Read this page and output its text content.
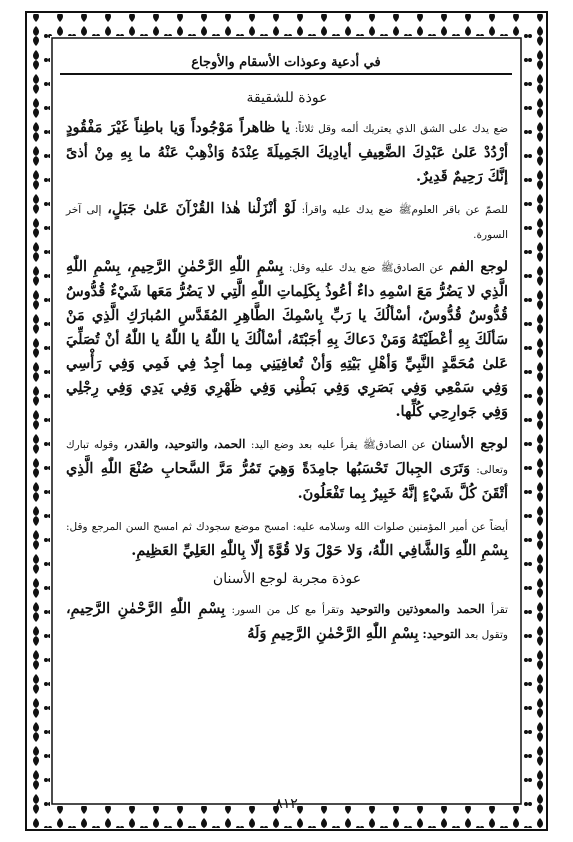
في أدعية وعوذات الأسقام والأوجاع
عوذة للشقيقة
ضع يدك على الشق الذي يعتريك ألمه وقل ثلاثاً: يا ظاهراً مَوْجُوداً وَيا باطِناً غَيْرَ مَفْقُودٍ أرْدُدْ عَلىٰ عَبْدِكَ الضَّعِيفِ أيادِيكَ الجَمِيلَةَ عِنْدَهُ وَاذْهِبْ عَنْهُ ما بِهِ مِنْ أذىً إنَّكَ رَحِيمٌ قَدِيرٌ.
للصمّ عن باقر العلومﷺ ضع يدك عليه واقرأ: لَوْ أنْزَلْنا هٰذا القُرْآنَ عَلىٰ جَبَلٍ، إلى آخر السورة.
لوجع الفم عن الصادقﷺ ضع يدك عليه وقل: بِسْمِ اللّٰهِ الرَّحْمٰنِ الرَّحِيمِ، بِسْمِ اللّٰهِ الَّذِي لا يَضُرُّ مَعَ اسْمِهِ داءٌ أعُوذُ بِكَلِماتِ اللّٰهِ الَّتِي لا يَضُرُّ مَعَها شَيْءٌ قُدُّوسٌ قُدُّوسٌ قُدُّوسٌ، أسْألُكَ يا رَبِّ بِاسْمِكَ الطَّاهِرِ المُقَدَّسِ المُبارَكِ الَّذِي مَنْ سَألَكَ بِهِ أعْطَيْتَهُ وَمَنْ دَعاكَ بِهِ أجَبْتَهُ، أسْألُكَ يا اللّٰهُ يا اللّٰهُ يا اللّٰهُ أنْ تُصَلِّيَ عَلىٰ مُحَمَّدٍ النَّبِيِّ وَأهْلِ بَيْتِهِ وَأنْ تُعافِيَنِي مِما أجِدُ فِي فَمِي وَفِي رَأْسِي وَفِي سَمْعِي وَفِي بَصَرِي وَفِي بَطْنِي وَفِي ظَهْرِي وَفِي يَدِي وَفِي رِجْلِي وَفِي جَوارِحِي كُلِّها.
لوجع الأسنان عن الصادقﷺ يقرأ عليه بعد وضع اليد: الحمد، والتوحيد، والقدر، وقوله تبارك وتعالى: وَتَرَى الجِبالَ تَحْسَبُها جامِدَةً وَهِيَ تَمُرُّ مَرَّ السَّحابِ صُنْعَ اللّٰهِ الَّذِي أتْقَنَ كُلَّ شَيْءٍ إنَّهُ خَبِيرٌ بِما تَفْعَلُونَ.
أيضاً عن أمير المؤمنين صلوات الله وسلامه عليه: امسح موضع سجودك ثم امسح السن المرجع وقل: بِسْمِ اللّٰهِ وَالشَّافِي اللّٰهُ، وَلا حَوْلَ وَلا قُوَّةَ إلّا بِاللّٰهِ العَلِيِّ العَظِيمِ.
عوذة مجربة لوجع الأسنان
تقرأ الحمد والمعوذتين والتوحيد وتقرأ مع كل من السور: بِسْمِ اللّٰهِ الرَّحْمٰنِ الرَّحِيمِ، وتقول بعد التوحيد: بِسْمِ اللّٰهِ الرَّحْمٰنِ الرَّحِيمِ وَلَهُ
٨١٢
